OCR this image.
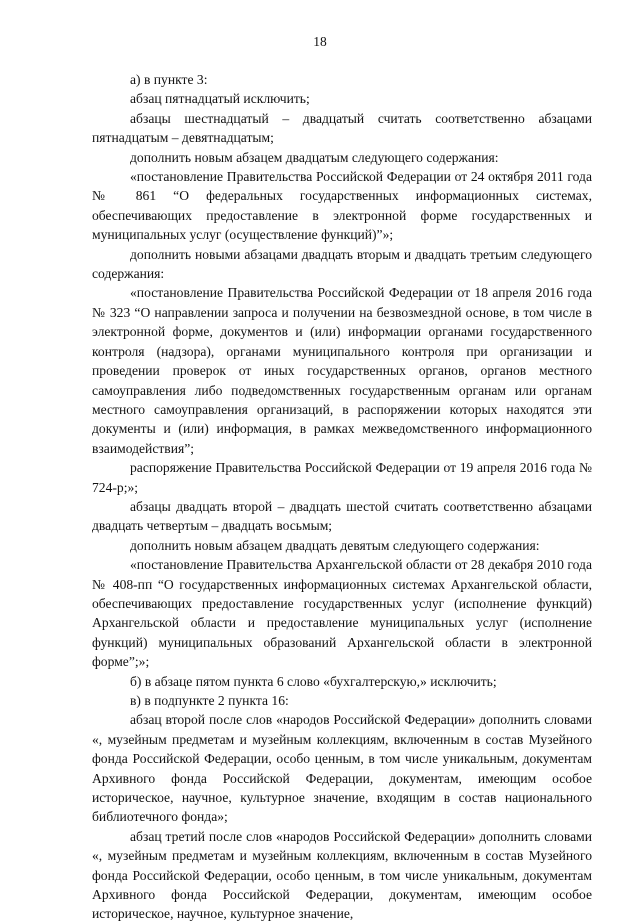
18

а) в пункте 3:

абзац пятнадцатый исключить;

абзацы шестнадцатый – двадцатый считать соответственно абзацами пятнадцатым – девятнадцатым;

дополнить новым абзацем двадцатым следующего содержания:

«постановление Правительства Российской Федерации от 24 октября 2011 года № 861 “О федеральных государственных информационных системах, обеспечивающих предоставление в электронной форме государственных и муниципальных услуг (осуществление функций)”»;

дополнить новыми абзацами двадцать вторым и двадцать третьим следующего содержания:

«постановление Правительства Российской Федерации от 18 апреля 2016 года № 323 “О направлении запроса и получении на безвозмездной основе, в том числе в электронной форме, документов и (или) информации органами государственного контроля (надзора), органами муниципального контроля при организации и проведении проверок от иных государственных органов, органов местного самоуправления либо подведомственных государственным органам или органам местного самоуправления организаций, в распоряжении которых находятся эти документы и (или) информация, в рамках межведомственного информационного взаимодействия”;

распоряжение Правительства Российской Федерации от 19 апреля 2016 года № 724-р;»;

абзацы двадцать второй – двадцать шестой считать соответственно абзацами двадцать четвертым – двадцать восьмым;

дополнить новым абзацем двадцать девятым следующего содержания:

«постановление Правительства Архангельской области от 28 декабря 2010 года № 408-пп “О государственных информационных системах Архангельской области, обеспечивающих предоставление государственных услуг (исполнение функций) Архангельской области и предоставление муниципальных услуг (исполнение функций) муниципальных образований Архангельской области в электронной форме”;»;

б) в абзаце пятом пункта 6 слово «бухгалтерскую,» исключить;

в) в подпункте 2 пункта 16:

абзац второй после слов «народов Российской Федерации» дополнить словами «, музейным предметам и музейным коллекциям, включенным в состав Музейного фонда Российской Федерации, особо ценным, в том числе уникальным, документам Архивного фонда Российской Федерации, документам, имеющим особое историческое, научное, культурное значение, входящим в состав национального библиотечного фонда»;

абзац третий после слов «народов Российской Федерации» дополнить словами «, музейным предметам и музейным коллекциям, включенным в состав Музейного фонда Российской Федерации, особо ценным, в том числе уникальным, документам Архивного фонда Российской Федерации, документам, имеющим особое историческое, научное, культурное значение,
